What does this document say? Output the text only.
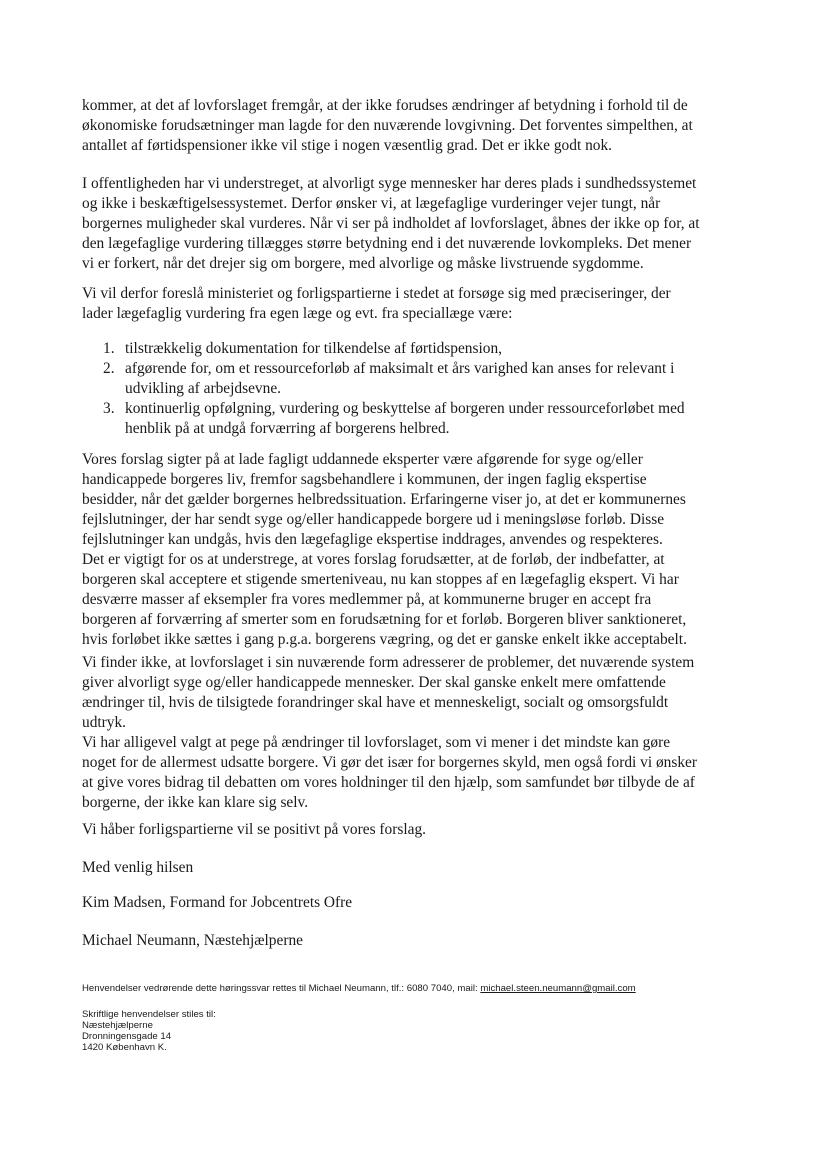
kommer, at det af lovforslaget fremgår, at der ikke forudses ændringer af betydning i forhold til de
økonomiske forudsætninger man lagde for den nuværende lovgivning. Det forventes simpelthen, at
antallet af førtidspensioner ikke vil stige i nogen væsentlig grad. Det er ikke godt nok.

I offentligheden har vi understreget, at alvorligt syge mennesker har deres plads i sundhedssystemet
og ikke i beskæftigelsessystemet. Derfor ønsker vi, at lægefaglige vurderinger vejer tungt, når
borgernes muligheder skal vurderes. Når vi ser på indholdet af lovforslaget, åbnes der ikke op for, at
den lægefaglige vurdering tillægges større betydning end i det nuværende lovkompleks. Det mener
vi er forkert, når det drejer sig om borgere, med alvorlige og måske livstruende sygdomme.

Vi vil derfor foreslå ministeriet og forligspartierne i stedet at forsøge sig med præciseringer, der
lader lægefaglig vurdering fra egen læge og evt. fra speciallæge være:

1. tilstrækkelig dokumentation for tilkendelse af førtidspension,
2. afgørende for, om et ressourceforløb af maksimalt et års varighed kan anses for relevant i
udvikling af arbejdsevne.
3. kontinuerlig opfølgning, vurdering og beskyttelse af borgeren under ressourceforløbet med
henblik på at undgå forværring af borgerens helbred.

Vores forslag sigter på at lade fagligt uddannede eksperter være afgørende for syge og/eller
handicappede borgeres liv, fremfor sagsbehandlere i kommunen, der ingen faglig ekspertise
besidder, når det gælder borgernes helbredssituation. Erfaringerne viser jo, at det er kommunernes
fejlslutninger, der har sendt syge og/eller handicappede borgere ud i meningsløse forløb. Disse
fejlslutninger kan undgås, hvis den lægefaglige ekspertise inddrages, anvendes og respekteres.
Det er vigtigt for os at understrege, at vores forslag forudsætter, at de forløb, der indbefatter, at
borgeren skal acceptere et stigende smerteniveau, nu kan stoppes af en lægefaglig ekspert. Vi har
desværre masser af eksempler fra vores medlemmer på, at kommunerne bruger en accept fra
borgeren af forværring af smerter som en forudsætning for et forløb. Borgeren bliver sanktioneret,
hvis forløbet ikke sættes i gang p.g.a. borgerens vægring, og det er ganske enkelt ikke acceptabelt.

Vi finder ikke, at lovforslaget i sin nuværende form adresserer de problemer, det nuværende system
giver alvorligt syge og/eller handicappede mennesker. Der skal ganske enkelt mere omfattende
ændringer til, hvis de tilsigtede forandringer skal have et menneskeligt, socialt og omsorgsfuldt
udtryk.
Vi har alligevel valgt at pege på ændringer til lovforslaget, som vi mener i det mindste kan gøre
noget for de allermest udsatte borgere. Vi gør det især for borgernes skyld, men også fordi vi ønsker
at give vores bidrag til debatten om vores holdninger til den hjælp, som samfundet bør tilbyde de af
borgerne, der ikke kan klare sig selv.

Vi håber forligspartierne vil se positivt på vores forslag.

Med venlig hilsen

Kim Madsen, Formand for Jobcentrets Ofre

Michael Neumann, Næstehjælperne

Henvendelser vedrørende dette høringssvar rettes til Michael Neumann, tlf.: 6080 7040, mail: michael.steen.neumann@gmail.com
Skriftlige henvendelser stiles til:
Næstehjælperne
Dronningensgade 14
1420 København K.
